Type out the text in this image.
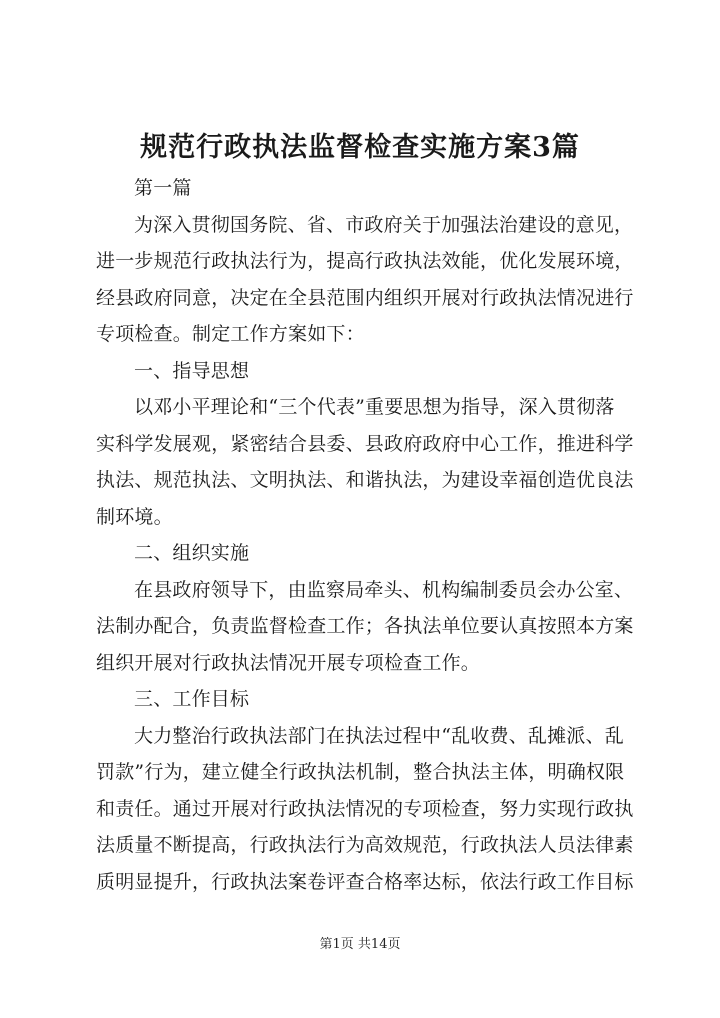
规范行政执法监督检查实施方案3篇
第一篇
为深入贯彻国务院、省、市政府关于加强法治建设的意见，
进一步规范行政执法行为，提高行政执法效能，优化发展环境，
经县政府同意，决定在全县范围内组织开展对行政执法情况进行
专项检查。制定工作方案如下：
一、指导思想
以邓小平理论和“三个代表”重要思想为指导，深入贯彻落
实科学发展观，紧密结合县委、县政府政府中心工作，推进科学
执法、规范执法、文明执法、和谐执法，为建设幸福创造优良法
制环境。
二、组织实施
在县政府领导下，由监察局牵头、机构编制委员会办公室、
法制办配合，负责监督检查工作；各执法单位要认真按照本方案
组织开展对行政执法情况开展专项检查工作。
三、工作目标
大力整治行政执法部门在执法过程中“乱收费、乱摊派、乱
罚款”行为，建立健全行政执法机制，整合执法主体，明确权限
和责任。通过开展对行政执法情况的专项检查，努力实现行政执
法质量不断提高，行政执法行为高效规范，行政执法人员法律素
质明显提升，行政执法案卷评查合格率达标，依法行政工作目标
第1页 共14页
